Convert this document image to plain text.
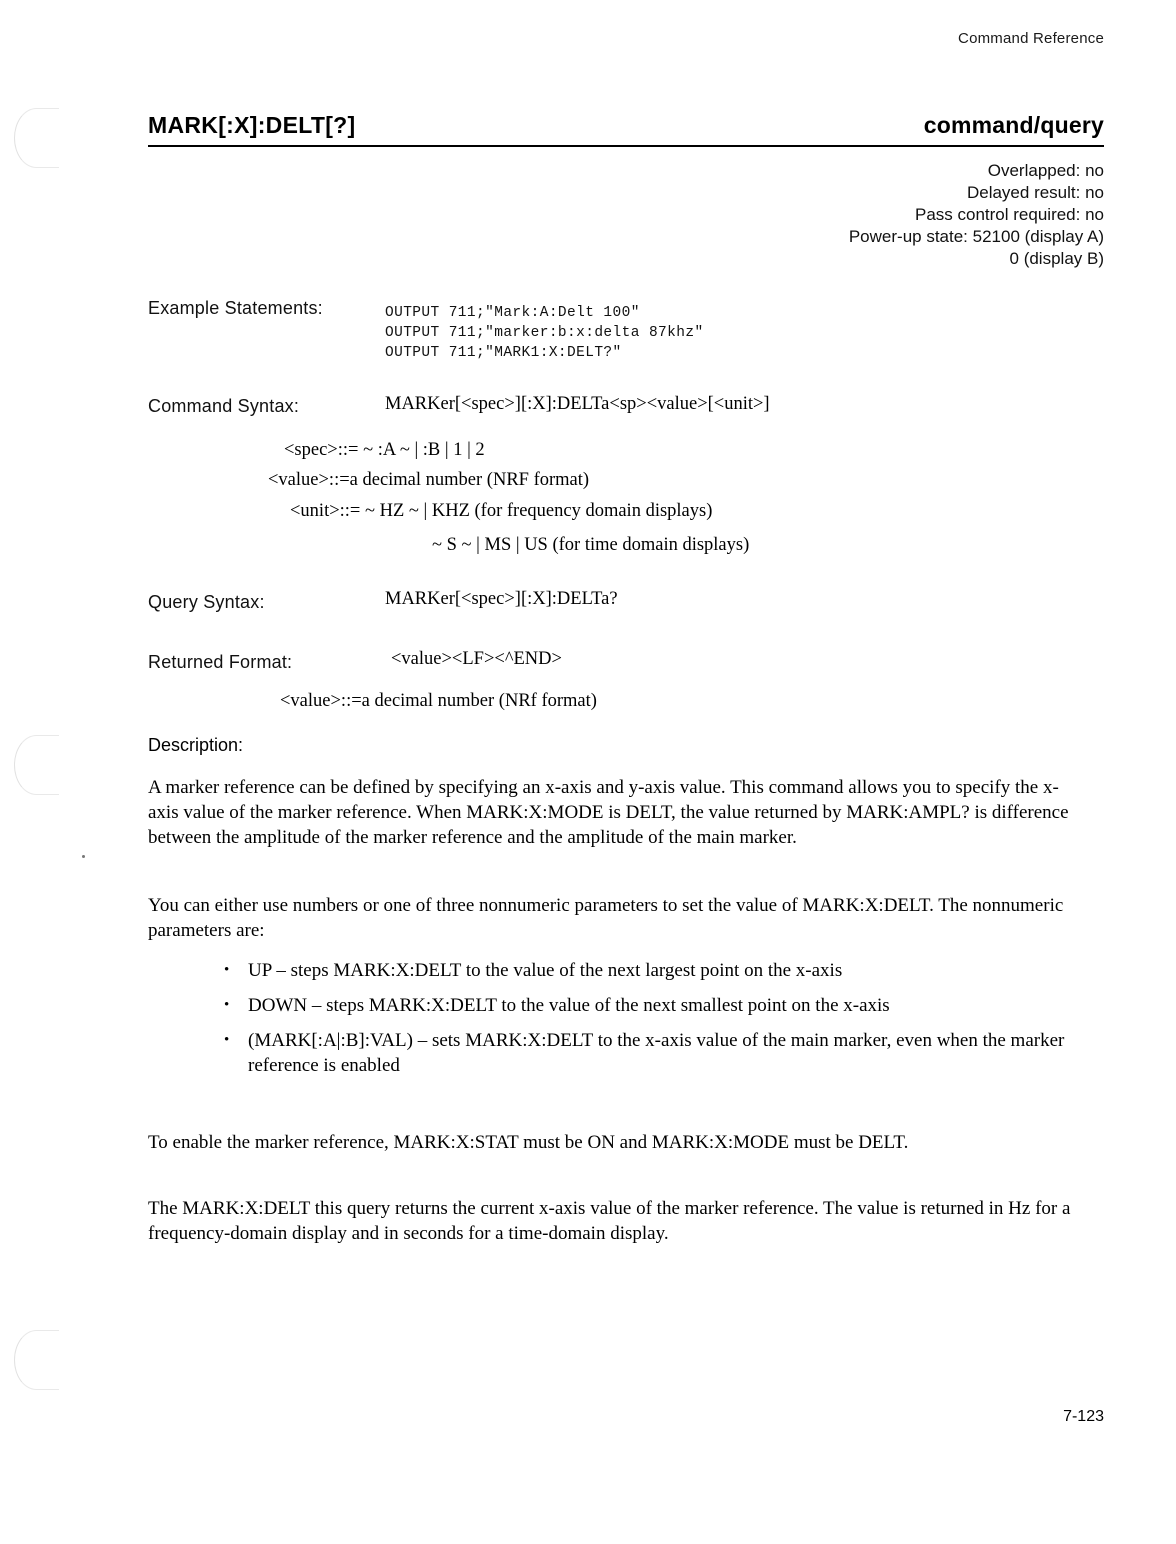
Command Reference
MARK[:X]:DELT[?]	command/query
Overlapped: no
Delayed result: no
Pass control required: no
Power-up state: 52100 (display A)
0 (display B)
Example Statements:	OUTPUT 711;"Mark:A:Delt 100"
OUTPUT 711;"marker:b:x:delta 87khz"
OUTPUT 711;"MARK1:X:DELT?"
Command Syntax:	MARKer[<spec>][:X]:DELTa<sp><value>[<unit>]
<spec>::= ~ :A ~ | :B | 1 | 2
<value>::=a decimal number (NRF format)
<unit>::= ~ HZ ~ | KHZ (for frequency domain displays)
~ S ~ | MS | US (for time domain displays)
Query Syntax:	MARKer[<spec>][:X]:DELTa?
Returned Format:	<value><LF><^END>
<value>::=a decimal number (NRf format)
Description:
A marker reference can be defined by specifying an x-axis and y-axis value. This command allows you to specify the x-axis value of the marker reference. When MARK:X:MODE is DELT, the value returned by MARK:AMPL? is difference between the amplitude of the marker reference and the amplitude of the main marker.
You can either use numbers or one of three nonnumeric parameters to set the value of MARK:X:DELT. The nonnumeric parameters are:
• UP – steps MARK:X:DELT to the value of the next largest point on the x-axis
• DOWN – steps MARK:X:DELT to the value of the next smallest point on the x-axis
• (MARK[:A|:B]:VAL) – sets MARK:X:DELT to the x-axis value of the main marker, even when the marker reference is enabled
To enable the marker reference, MARK:X:STAT must be ON and MARK:X:MODE must be DELT.
The MARK:X:DELT this query returns the current x-axis value of the marker reference. The value is returned in Hz for a frequency-domain display and in seconds for a time-domain display.
7-123
